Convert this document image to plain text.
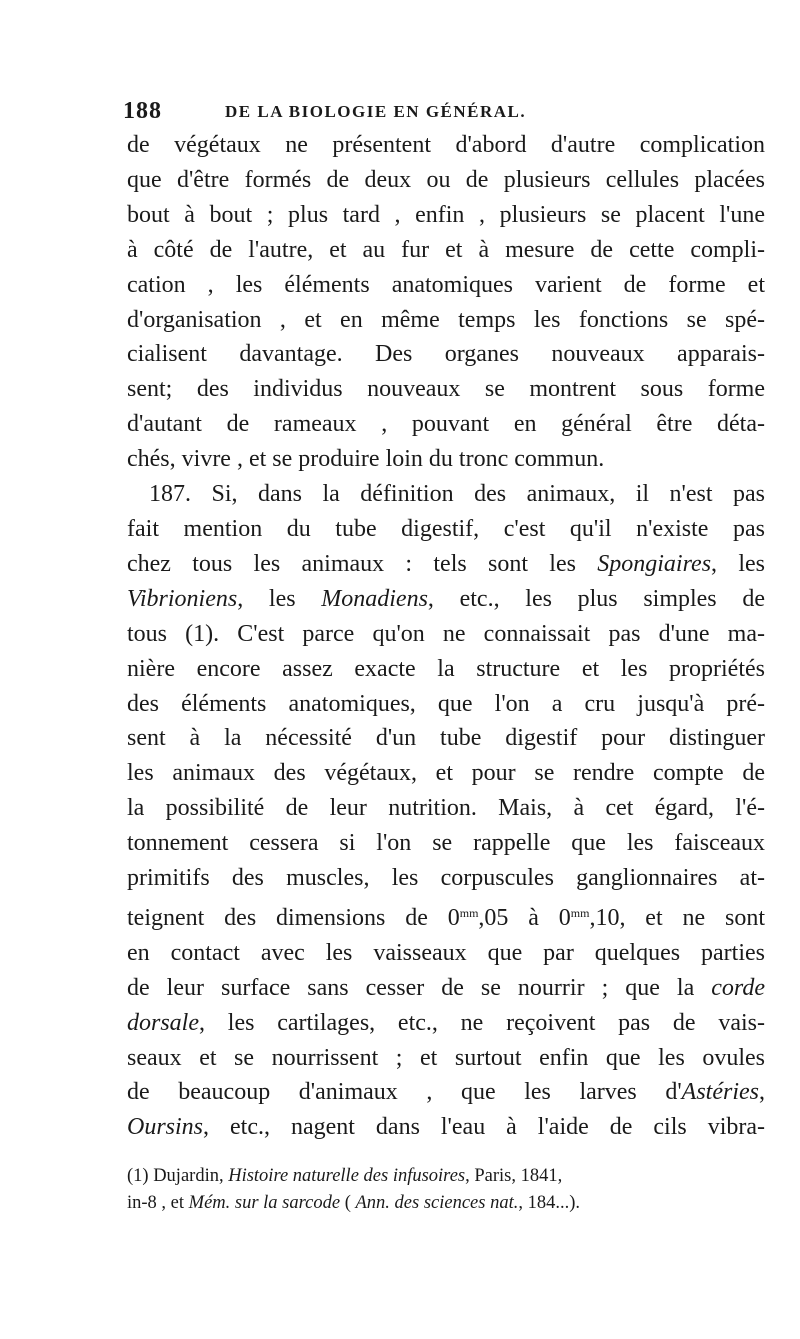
188	DE LA BIOLOGIE EN GÉNÉRAL.
de végétaux ne présentent d'abord d'autre complication
que d'être formés de deux ou de plusieurs cellules placées
bout à bout ; plus tard , enfin , plusieurs se placent l'une
à côté de l'autre, et au fur et à mesure de cette compli-
cation , les éléments anatomiques varient de forme et
d'organisation , et en même temps les fonctions se spé-
cialisent davantage. Des organes nouveaux apparais-
sent; des individus nouveaux se montrent sous forme
d'autant de rameaux , pouvant en général être déta-
chés, vivre , et se produire loin du tronc commun.
187. Si, dans la définition des animaux, il n'est pas
fait mention du tube digestif, c'est qu'il n'existe pas
chez tous les animaux : tels sont les Spongiaires, les
Vibrioniens, les Monadiens, etc., les plus simples de
tous (1). C'est parce qu'on ne connaissait pas d'une ma-
nière encore assez exacte la structure et les propriétés
des éléments anatomiques, que l'on a cru jusqu'à pré-
sent à la nécessité d'un tube digestif pour distinguer
les animaux des végétaux, et pour se rendre compte de
la possibilité de leur nutrition. Mais, à cet égard, l'é-
tonnement cessera si l'on se rappelle que les faisceaux
primitifs des muscles, les corpuscules ganglionnaires at-
teignent des dimensions de $0^{mm},05$ à $0^{mm},10$, et ne sont
en contact avec les vaisseaux que par quelques parties
de leur surface sans cesser de se nourrir ; que la corde
dorsale, les cartilages, etc., ne reçoivent pas de vais-
seaux et se nourrissent ; et surtout enfin que les ovules
de beaucoup d'animaux , que les larves d'Astéries,
Oursins, etc., nagent dans l'eau à l'aide de cils vibra-
(1) Dujardin, Histoire naturelle des infusoires, Paris, 1841,
in-8 , et Mém. sur la sarcode ( Ann. des sciences nat., 184...).
